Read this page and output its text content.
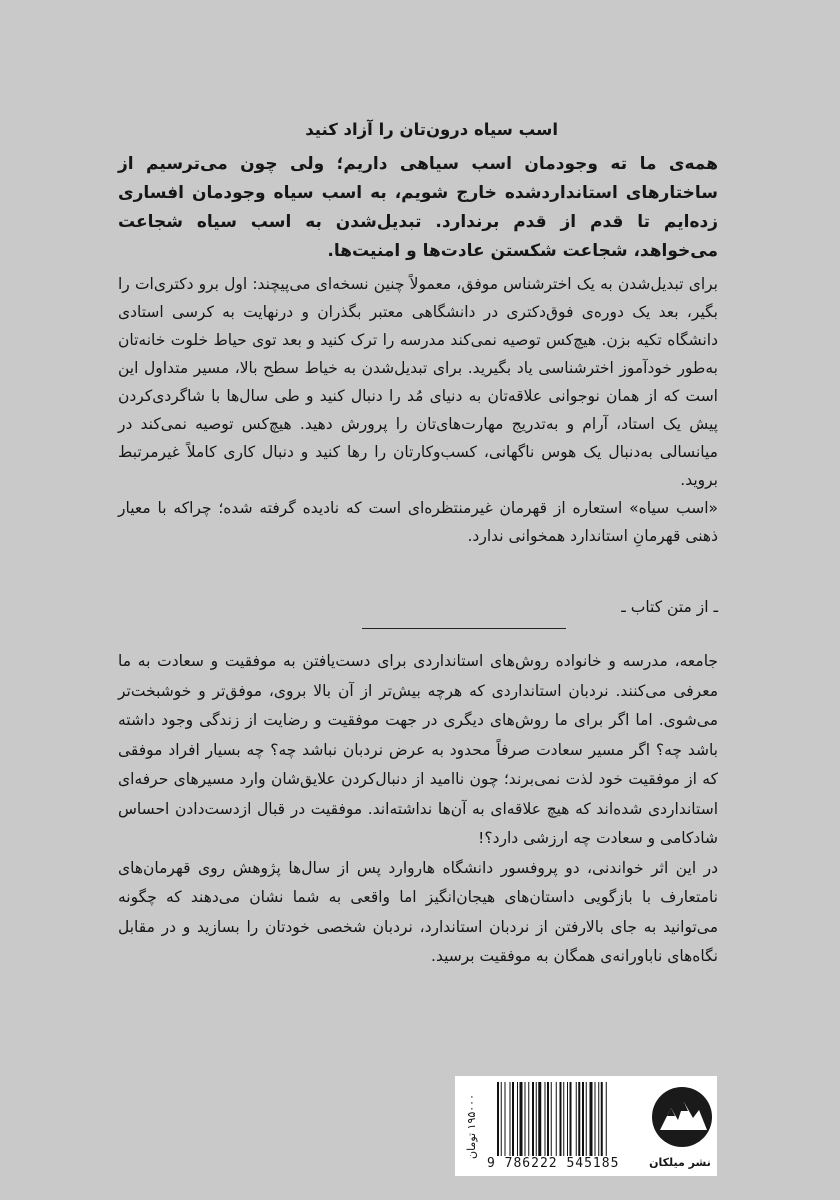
اسب سیاه درون‌تان را آزاد کنید
همه‌ی ما ته وجودمان اسب سیاهی داریم؛ ولی چون می‌ترسیم از ساختارهای استانداردشده خارج شویم، به اسب سیاه وجودمان افساری زده‌ایم تا قدم از قدم برندارد. تبدیل‌شدن به اسب سیاه شجاعت می‌خواهد، شجاعت شکستن عادت‌ها و امنیت‌ها.

برای تبدیل‌شدن به یک اخترشناس موفق، معمولاً چنین نسخه‌ای می‌پیچند: اول برو دکتری‌ات را بگیر، بعد یک دوره‌ی فوق‌دکتری در دانشگاهی معتبر بگذران و درنهایت به کرسی استادی دانشگاه تکیه بزن. هیچ‌کس توصیه نمی‌کند مدرسه را ترک کنید و بعد توی حیاط خلوت خانه‌تان به‌طور خودآموز اخترشناسی یاد بگیرید. برای تبدیل‌شدن به خیاط سطح بالا، مسیر متداول این است که از همان نوجوانی علاقه‌تان به دنیای مُد را دنبال کنید و طی سال‌ها با شاگردی‌کردن پیش یک استاد، آرام و به‌تدریج مهارت‌های‌تان را پرورش دهید. هیچ‌کس توصیه نمی‌کند در میانسالی به‌دنبال یک هوس ناگهانی، کسب‌وکارتان را رها کنید و دنبال کاری کاملاً غیرمرتبط بروید.

«اسب سیاه» استعاره از قهرمان غیرمنتظره‌ای است که نادیده گرفته شده؛ چراکه با معیار ذهنی قهرمانِ استاندارد همخوانی ندارد.

ـ از متن کتاب ـ

جامعه، مدرسه و خانواده روش‌های استانداردی برای دست‌یافتن به موفقیت و سعادت به ما معرفی می‌کنند. نردبان استانداردی که هرچه بیش‌تر از آن بالا بروی، موفق‌تر و خوشبخت‌تر می‌شوی. اما اگر برای ما روش‌های دیگری در جهت موفقیت و رضایت از زندگی وجود داشته باشد چه؟ اگر مسیر سعادت صرفاً محدود به عرض نردبان نباشد چه؟ چه بسیار افراد موفقی که از موفقیت خود لذت نمی‌برند؛ چون ناامید از دنبال‌کردن علایق‌شان وارد مسیرهای حرفه‌ای استانداردی شده‌اند که هیچ علاقه‌ای به آن‌ها نداشته‌اند. موفقیت در قبال ازدست‌دادن احساس شادکامی و سعادت چه ارزشی دارد؟!

در این اثر خواندنی، دو پروفسور دانشگاه هاروارد پس از سال‌ها پژوهش روی قهرمان‌های نامتعارف با بازگویی داستان‌های هیجان‌انگیز اما واقعی به شما نشان می‌دهند که چگونه می‌توانید به جای بالارفتن از نردبان استاندارد، نردبان شخصی خودتان را بسازید و در مقابل نگاه‌های ناباورانه‌ی همگان به موفقیت برسید.

۱۹۵۰۰۰ تومان
9 786222 545185	نشر میلکان
